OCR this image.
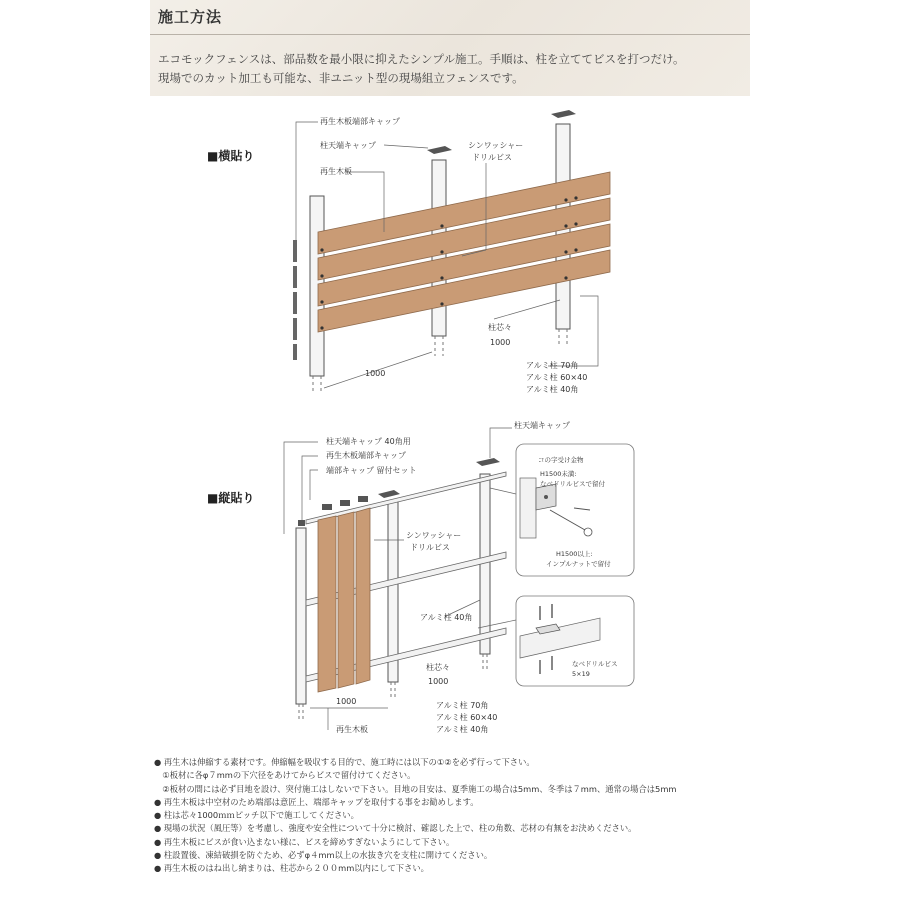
施工方法
エコモックフェンスは、部品数を最小限に抑えたシンプル施工。手順は、柱を立ててビスを打つだけ。
現場でのカット加工も可能な、非ユニット型の現場組立フェンスです。
■横貼り
■縦貼り
再生木板端部キャップ
柱天端キャップ
再生木板
シンワッシャー
ドリルビス
柱芯々
1000
1000
アルミ柱 70角
アルミ柱 60×40
アルミ柱 40角
コの字受け金物
H1500未満:
なべドリルビスで留付
H1500以上:
インプルナットで留付
なべドリルビス
5×19
柱天端キャップ 40角用
再生木板端部キャップ
端部キャップ 留付セット
柱天端キャップ
シンワッシャー
ドリルビス
アルミ柱 40角
柱芯々
1000
1000
再生木板
アルミ柱 70角
アルミ柱 60×40
アルミ柱 40角
● 再生木は伸縮する素材です。伸縮幅を吸収する目的で、施工時には以下の①②を必ず行って下さい。
　①板材に各φ７mmの下穴径をあけてからビスで留付けてください。
　②板材の間には必ず目地を設け、突付施工はしないで下さい。目地の目安は、夏季施工の場合は5mm、冬季は７mm、通常の場合は5mm
● 再生木板は中空材のため端部は意匠上、端部キャップを取付する事をお勧めします。
● 柱は芯々1000ｍｍピッチ以下で施工してください。
● 現場の状況（風圧等）を考慮し、強度や安全性について十分に検討、確認した上で、柱の角数、芯材の有無をお決めください。
● 再生木板にビスが食い込まない様に、ビスを締めすぎないようにして下さい。
● 柱設置後、凍結破損を防ぐため、必ずφ４mm以上の水抜き穴を支柱に開けてください。
● 再生木板のはね出し納まりは、柱芯から２００mm以内にして下さい。
